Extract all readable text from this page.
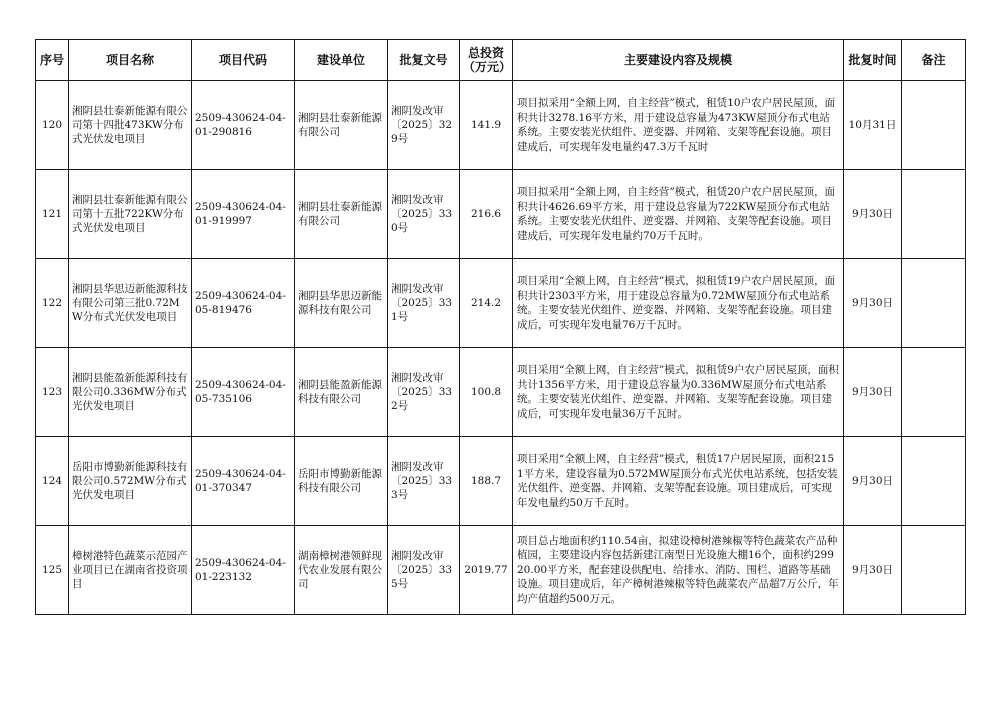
序号	项目名称	项目代码	建设单位	批复文号	总投资（万元）	主要建设内容及规模	批复时间	备注
120	湘阴县壮泰新能源有限公司第十四批473KW分布式光伏发电项目	2509-430624-04-01-290816	湘阴县壮泰新能源有限公司	湘阴发改审〔2025〕329号	141.9	项目拟采用“全额上网，自主经营”模式，租赁10户农户居民屋顶，面积共计3278.16平方米，用于建设总容量为473KW屋顶分布式电站系统。主要安装光伏组件、逆变器、并网箱、支架等配套设施。项目建成后，可实现年发电量约47.3万千瓦时	10月31日	
121	湘阴县壮泰新能源有限公司第十五批722KW分布式光伏发电项目	2509-430624-04-01-919997	湘阴县壮泰新能源有限公司	湘阴发改审〔2025〕330号	216.6	项目拟采用“全额上网，自主经营”模式，租赁20户农户居民屋顶，面积共计4626.69平方米，用于建设总容量为722KW屋顶分布式电站系统。主要安装光伏组件、逆变器、并网箱、支架等配套设施。项目建成后，可实现年发电量约70万千瓦时。	9月30日	
122	湘阴县华思迈新能源科技有限公司第三批0.72MW分布式光伏发电项目	2509-430624-04-05-819476	湘阴县华思迈新能源科技有限公司	湘阴发改审〔2025〕331号	214.2	项目采用“全额上网，自主经营”模式，拟租赁19户农户居民屋顶，面积共计2303平方米，用于建设总容量为0.72MW屋顶分布式电站系统。主要安装光伏组件、逆变器、并网箱、支架等配套设施。项目建成后，可实现年发电量76万千瓦时。	9月30日	
123	湘阴县能盈新能源科技有限公司0.336MW分布式光伏发电项目	2509-430624-04-05-735106	湘阴县能盈新能源科技有限公司	湘阴发改审〔2025〕332号	100.8	项目采用“全额上网，自主经营”模式，拟租赁9户农户居民屋顶，面积共计1356平方米，用于建设总容量为0.336MW屋顶分布式电站系统。主要安装光伏组件、逆变器、并网箱、支架等配套设施。项目建成后，可实现年发电量36万千瓦时。	9月30日	
124	岳阳市博勤新能源科技有限公司0.572MW分布式光伏发电项目	2509-430624-04-01-370347	岳阳市博勤新能源科技有限公司	湘阴发改审〔2025〕333号	188.7	项目采用“全额上网，自主经营”模式，租赁17户居民屋顶，面积2151平方米，建设容量为0.572MW屋顶分布式光伏电站系统，包括安装光伏组件、逆变器、并网箱、支架等配套设施。项目建成后，可实现年发电量约50万千瓦时。	9月30日	
125	樟树港特色蔬菜示范园产业项目已在湖南省投资项目	2509-430624-04-01-223132	湖南樟树港领鲜现代农业发展有限公司	湘阴发改审〔2025〕335号	2019.77	项目总占地面积约110.54亩，拟建设樟树港辣椒等特色蔬菜农产品种植园，主要建设内容包括新建江南型日光设施大棚16个，面积约29920.00平方米，配套建设供配电、给排水、消防、围栏、道路等基础设施。项目建成后，年产樟树港辣椒等特色蔬菜农产品超7万公斤，年均产值超约500万元。	9月30日	
